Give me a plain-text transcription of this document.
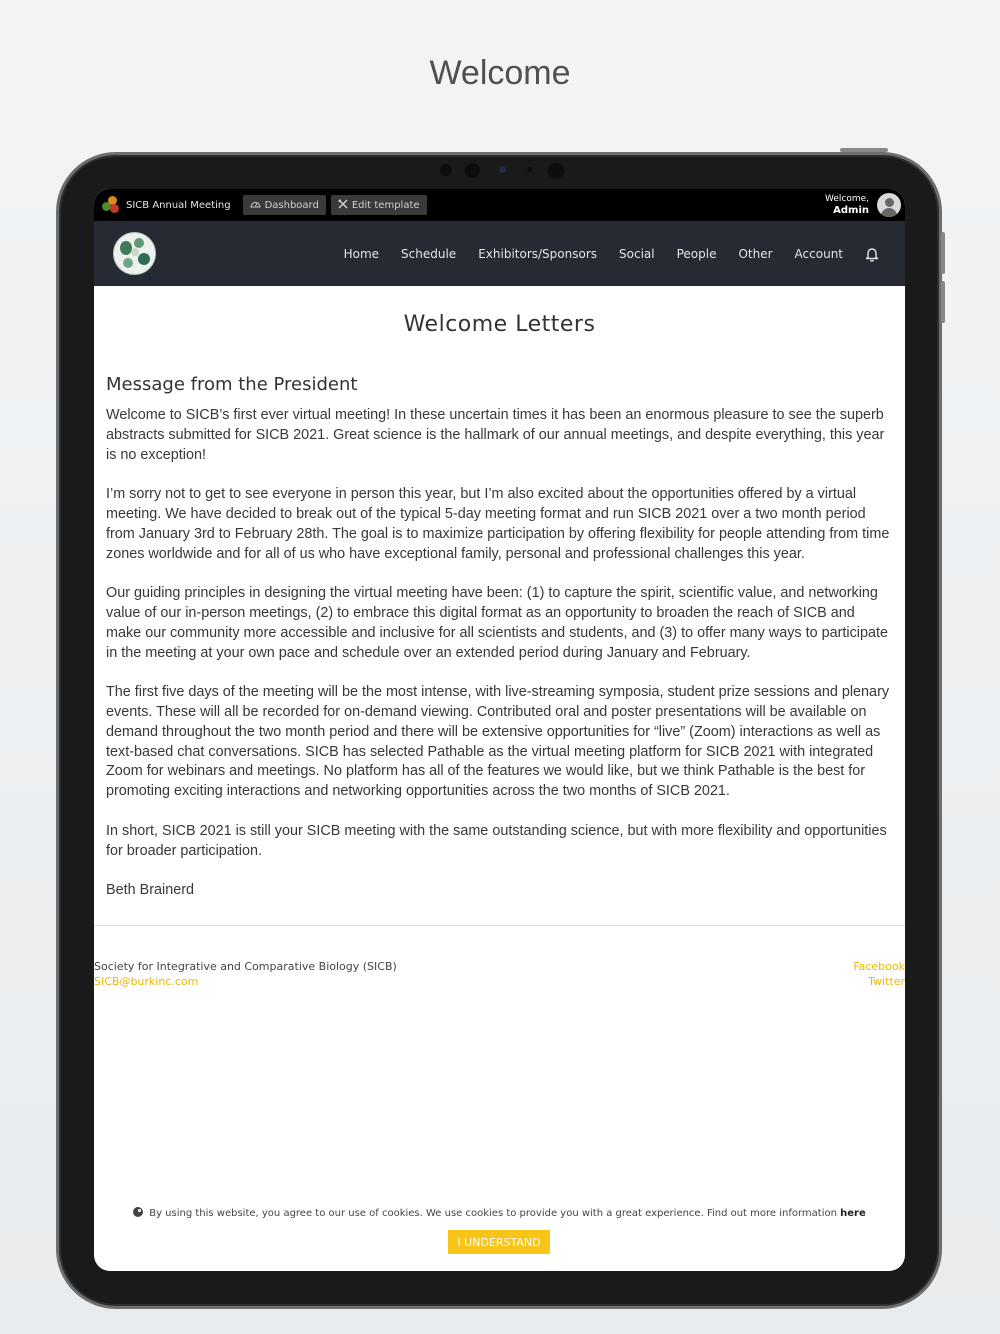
Welcome
SICB Annual Meeting	Dashboard	Edit template
Welcome,
Admin
Home Schedule Exhibitors/Sponsors Social People Other Account
Welcome Letters
Message from the President

Welcome to SICB’s first ever virtual meeting! In these uncertain times it has been an enormous pleasure to see the superb abstracts submitted for SICB 2021. Great science is the hallmark of our annual meetings, and despite everything, this year is no exception!

I’m sorry not to get to see everyone in person this year, but I’m also excited about the opportunities offered by a virtual meeting. We have decided to break out of the typical 5-day meeting format and run SICB 2021 over a two month period from January 3rd to February 28th. The goal is to maximize participation by offering flexibility for people attending from time zones worldwide and for all of us who have exceptional family, personal and professional challenges this year.

Our guiding principles in designing the virtual meeting have been: (1) to capture the spirit, scientific value, and networking value of our in-person meetings, (2) to embrace this digital format as an opportunity to broaden the reach of SICB and make our community more accessible and inclusive for all scientists and students, and (3) to offer many ways to participate in the meeting at your own pace and schedule over an extended period during January and February.

The first five days of the meeting will be the most intense, with live-streaming symposia, student prize sessions and plenary events. These will all be recorded for on-demand viewing. Contributed oral and poster presentations will be available on demand throughout the two month period and there will be extensive opportunities for “live” (Zoom) interactions as well as text-based chat conversations. SICB has selected Pathable as the virtual meeting platform for SICB 2021 with integrated Zoom for webinars and meetings. No platform has all of the features we would like, but we think Pathable is the best for promoting exciting interactions and networking opportunities across the two months of SICB 2021.

In short, SICB 2021 is still your SICB meeting with the same outstanding science, but with more flexibility and opportunities for broader participation.

Beth Brainerd

Society for Integrative and Comparative Biology (SICB)
SICB@burkinc.com
Facebook
Twitter
By using this website, you agree to our use of cookies. We use cookies to provide you with a great experience. Find out more information here
I UNDERSTAND
